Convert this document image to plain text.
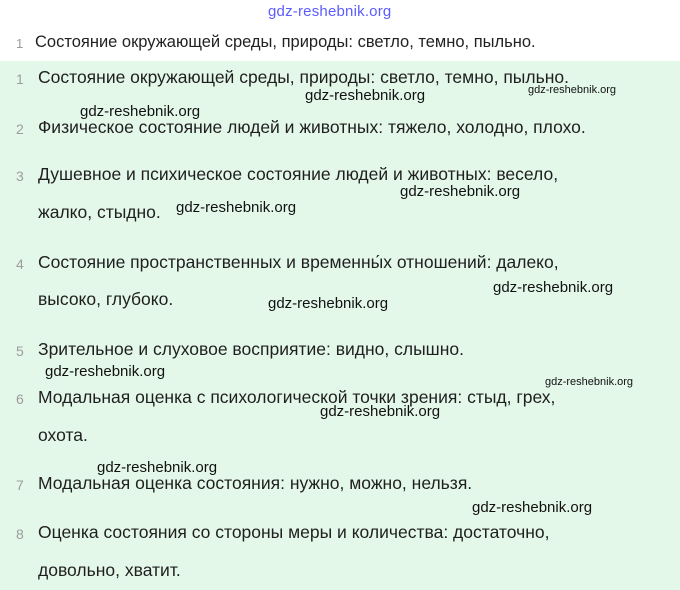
gdz-reshebnik.org
1 Состояние окружающей среды, природы: светло, темно, пыльно.
1 Состояние окружающей среды, природы: светло, темно, пыльно.
2 Физическое состояние людей и животных: тяжело, холодно, плохо.
3 Душевное и психическое состояние людей и животных: весело,
жалко, стыдно.
4 Состояние пространственных и временны́х отношений: далеко,
высоко, глубоко.
5 Зрительное и слуховое восприятие: видно, слышно.
6 Модальная оценка с психологической точки зрения: стыд, грех,
охота.
7 Модальная оценка состояния: нужно, можно, нельзя.
8 Оценка состояния со стороны меры и количества: достаточно,
довольно, хватит.
gdz-reshebnik.org	gdz-reshebnik.org
gdz-reshebnik.org
gdz-reshebnik.org
gdz-reshebnik.org
gdz-reshebnik.org
gdz-reshebnik.org
gdz-reshebnik.org
gdz-reshebnik.org
gdz-reshebnik.org
gdz-reshebnik.org
gdz-reshebnik.org
